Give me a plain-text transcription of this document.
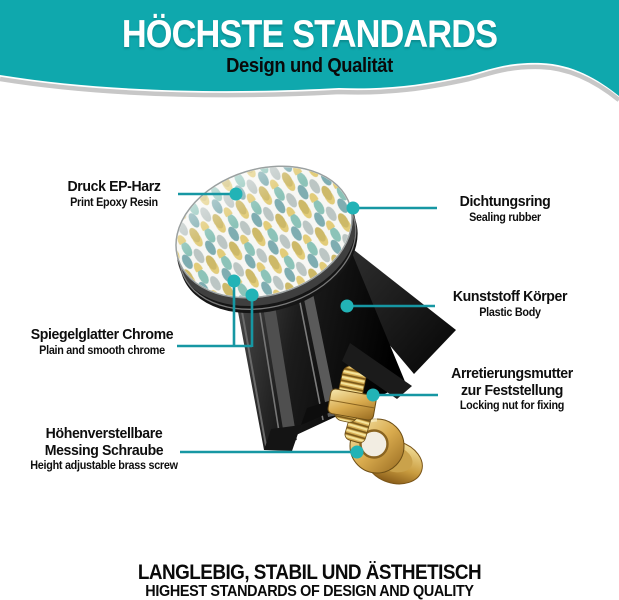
HÖCHSTE STANDARDS
Design und Qualität
Druck EP-Harz
Print Epoxy Resin	Dichtungsring
Sealing rubber
Spiegelglatter Chrome
Plain and smooth chrome
Kunststoff Körper
Plastic Body
Arretierungsmutter zur Feststellung
Locking nut for fixing
Höhenverstellbare Messing Schraube
Height adjustable brass screw
LANGLEBIG, STABIL UND ÄSTHETISCH
HIGHEST STANDARDS OF DESIGN AND QUALITY
